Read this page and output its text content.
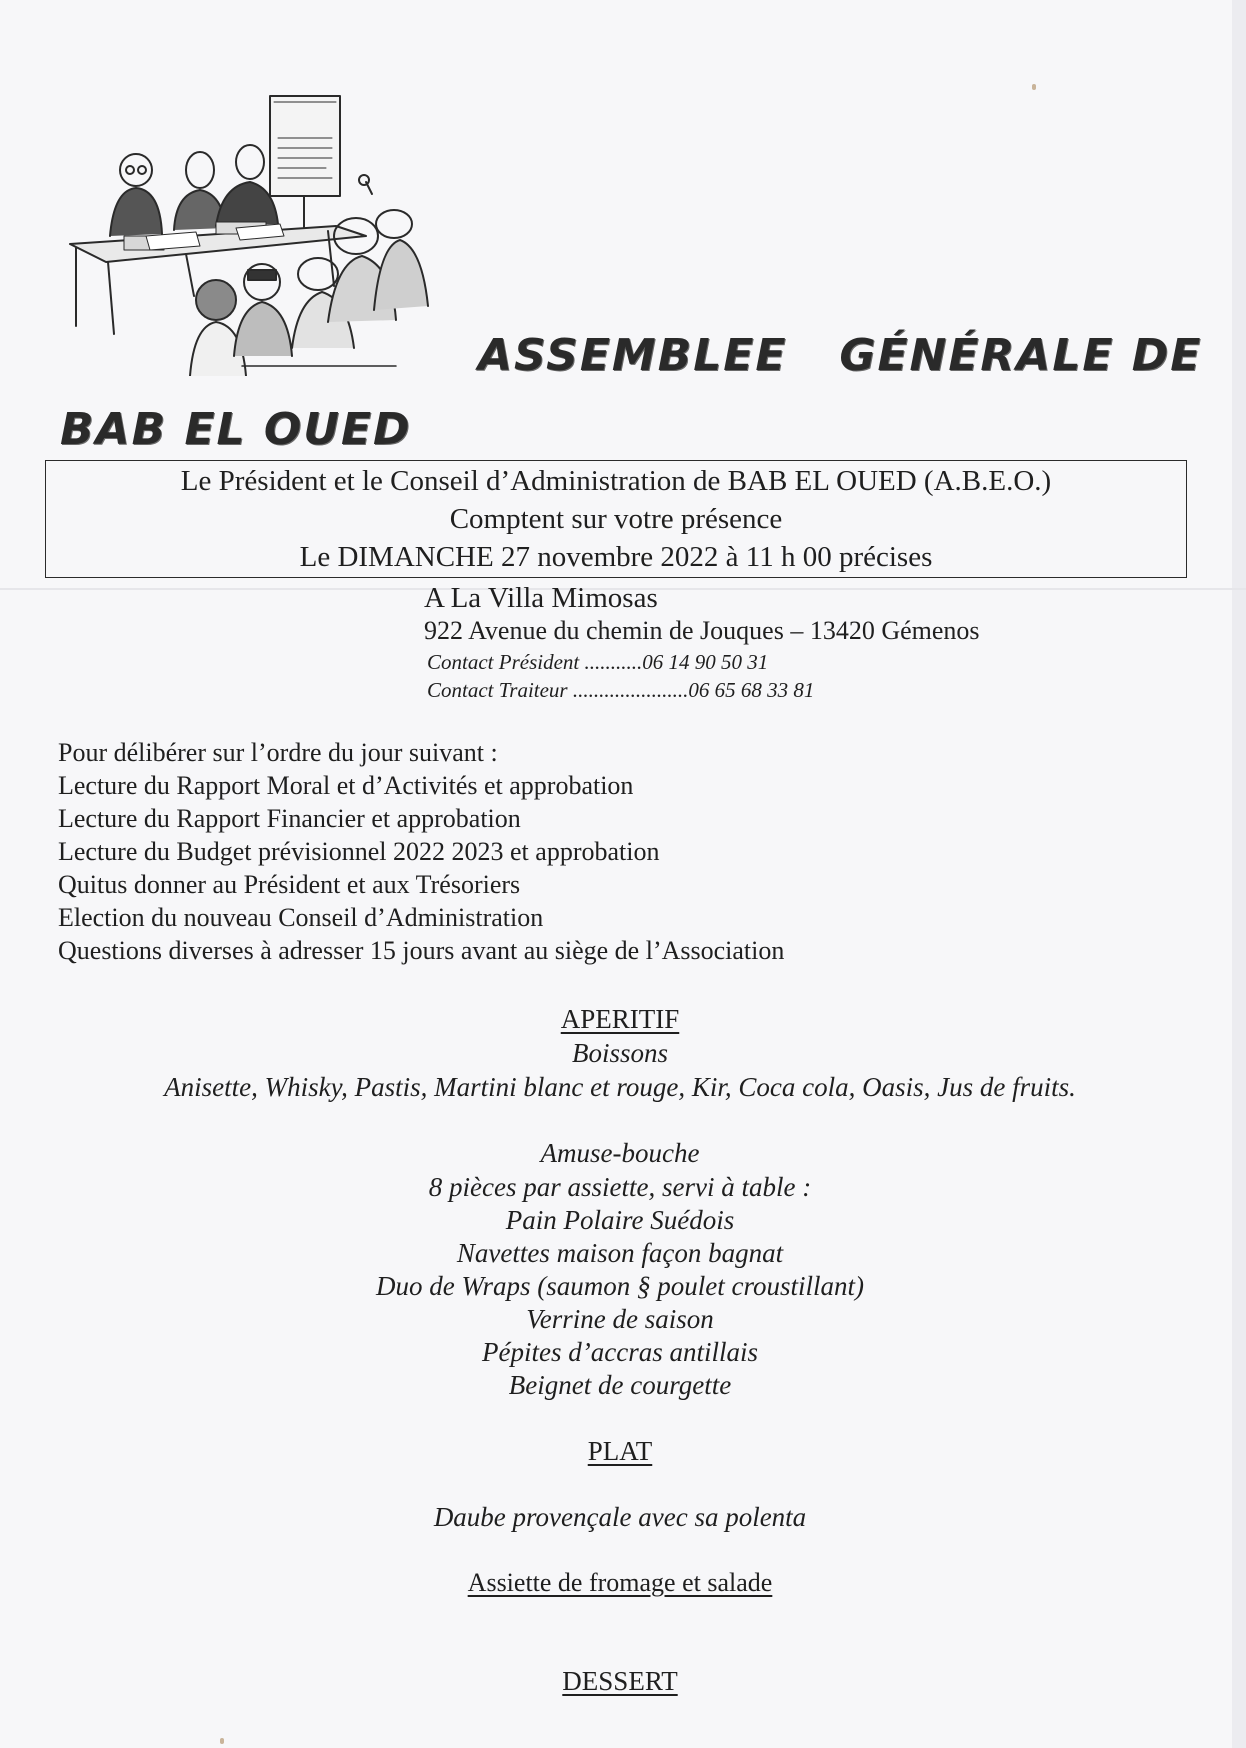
ASSEMBLEE   GÉNÉRALE DE
BAB EL OUED
Le Président et le Conseil d’Administration de BAB EL OUED (A.B.E.O.)
Comptent sur votre présence
Le DIMANCHE 27 novembre 2022 à 11 h 00 précises
A La Villa Mimosas
922 Avenue du chemin de Jouques – 13420 Gémenos
Contact Président ...........06 14 90 50 31
Contact Traiteur ......................06 65 68 33 81
Pour délibérer sur l’ordre du jour suivant :
Lecture du Rapport Moral et d’Activités et approbation
Lecture du Rapport Financier et approbation
Lecture du Budget prévisionnel 2022 2023 et approbation
Quitus donner au Président et aux Trésoriers
Election du nouveau Conseil d’Administration
Questions diverses à adresser 15 jours avant au siège de l’Association
APERITIF
Boissons
Anisette, Whisky, Pastis, Martini blanc et rouge, Kir, Coca cola, Oasis, Jus de fruits.
Amuse-bouche
8 pièces par assiette, servi à table :
Pain Polaire Suédois
Navettes maison façon bagnat
Duo de Wraps (saumon § poulet croustillant)
Verrine de saison
Pépites d’accras antillais
Beignet de courgette
PLAT
Daube provençale avec sa polenta
Assiette de fromage et salade
DESSERT
